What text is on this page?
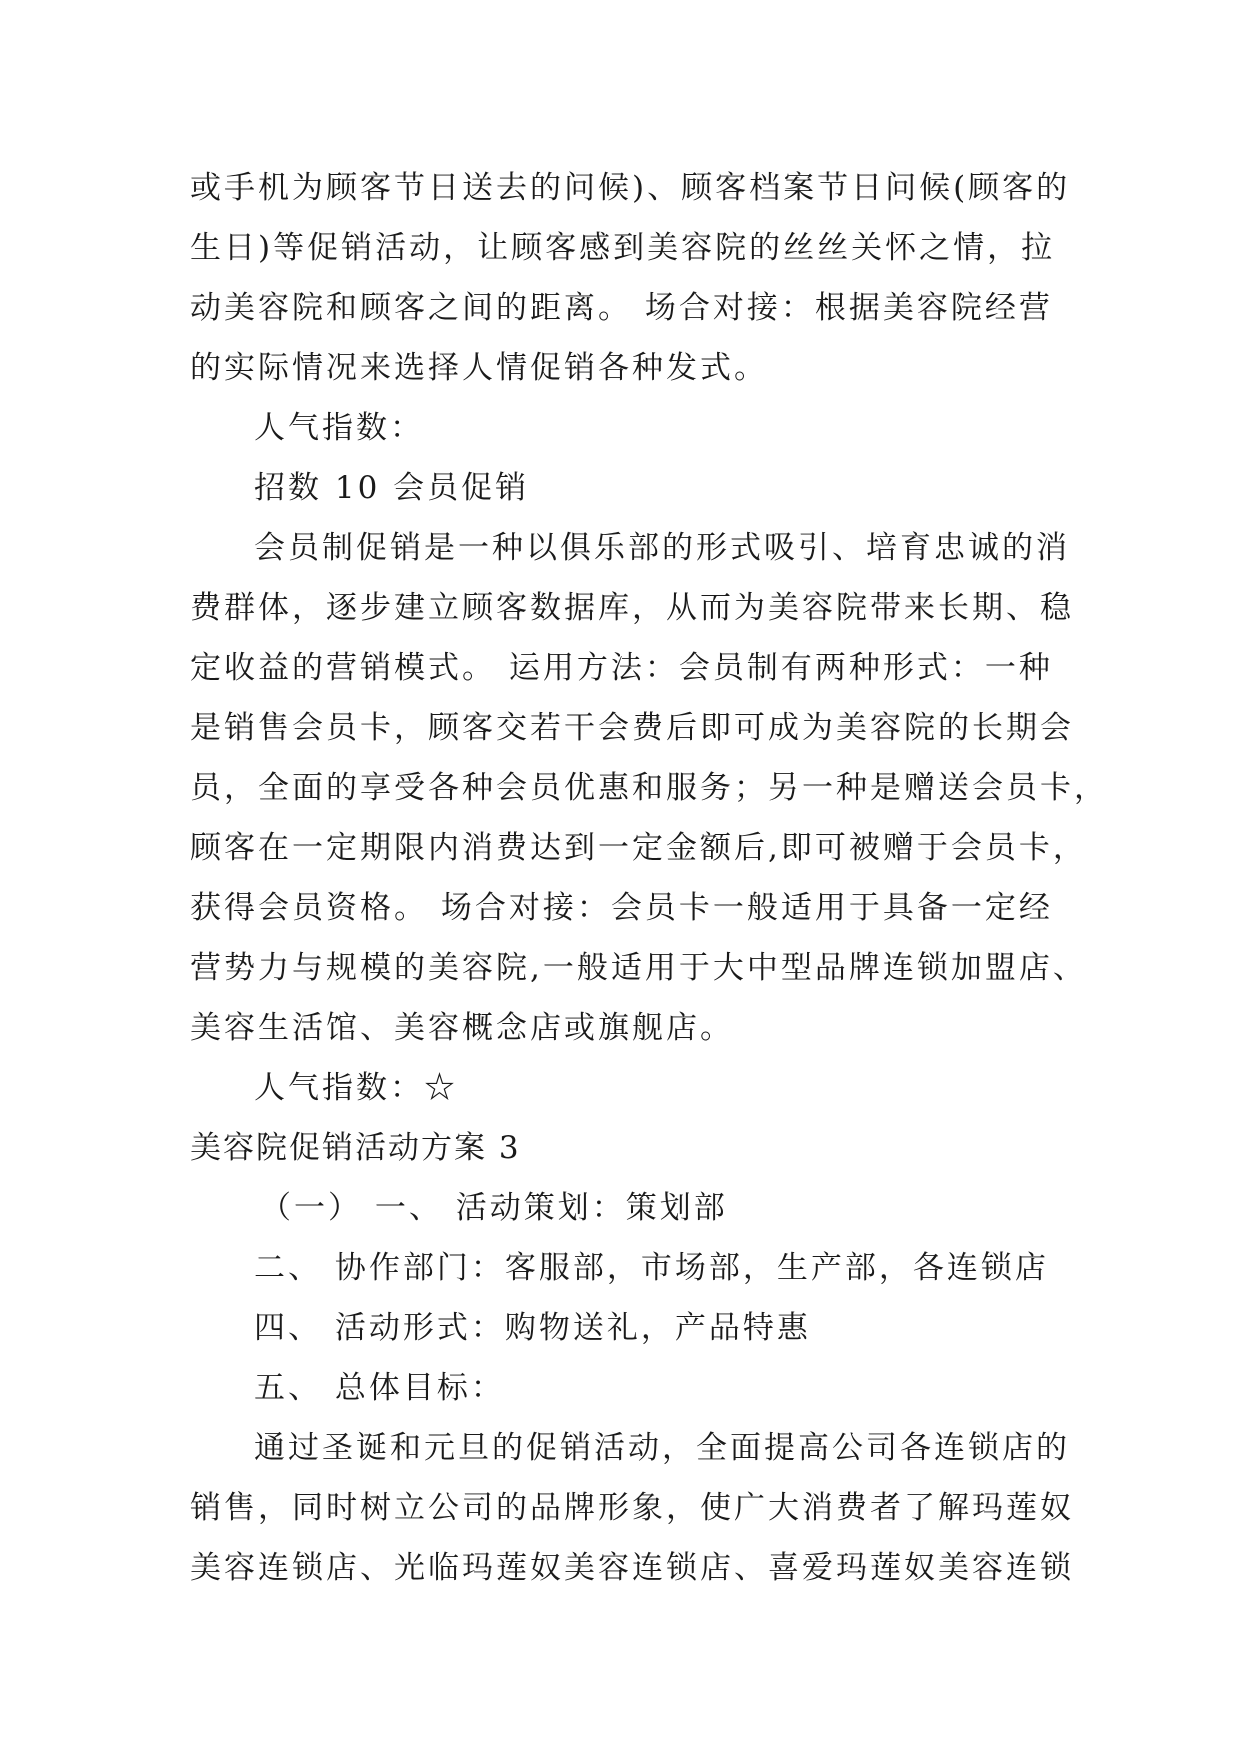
或手机为顾客节日送去的问候)、顾客档案节日问候(顾客的
生日)等促销活动，让顾客感到美容院的丝丝关怀之情，拉
动美容院和顾客之间的距离。 场合对接：根据美容院经营
的实际情况来选择人情促销各种发式。
人气指数：
招数 10 会员促销
会员制促销是一种以俱乐部的形式吸引、培育忠诚的消
费群体，逐步建立顾客数据库，从而为美容院带来长期、稳
定收益的营销模式。 运用方法：会员制有两种形式：一种
是销售会员卡，顾客交若干会费后即可成为美容院的长期会
员，全面的享受各种会员优惠和服务；另一种是赠送会员卡，
顾客在一定期限内消费达到一定金额后,即可被赠于会员卡，
获得会员资格。 场合对接：会员卡一般适用于具备一定经
营势力与规模的美容院,一般适用于大中型品牌连锁加盟店、
美容生活馆、美容概念店或旗舰店。
人气指数：☆
美容院促销活动方案 3
（一） 一、 活动策划：策划部
二、 协作部门：客服部，市场部，生产部，各连锁店
四、 活动形式：购物送礼，产品特惠
五、 总体目标：
通过圣诞和元旦的促销活动，全面提高公司各连锁店的
销售，同时树立公司的品牌形象，使广大消费者了解玛莲奴
美容连锁店、光临玛莲奴美容连锁店、喜爱玛莲奴美容连锁
